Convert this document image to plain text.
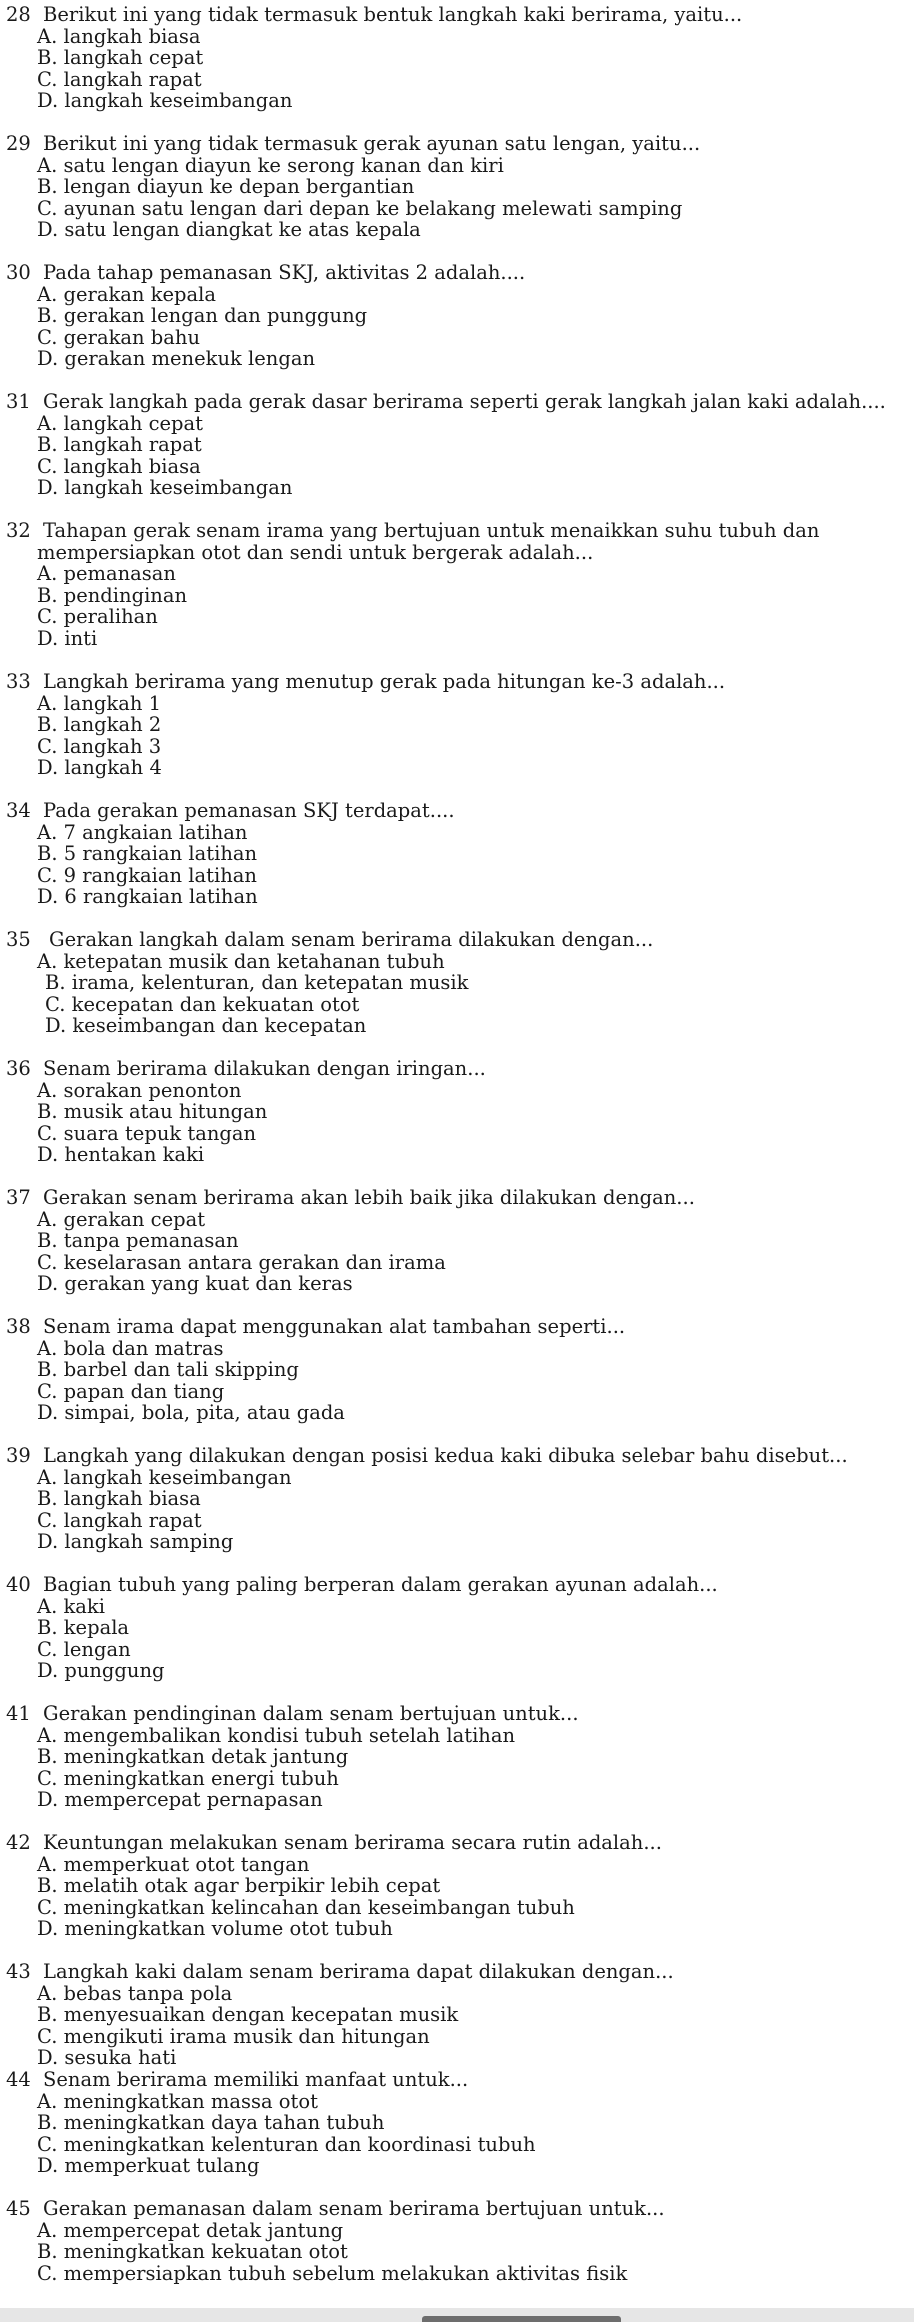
28 Berikut ini yang tidak termasuk bentuk langkah kaki berirama, yaitu...
A. langkah biasa
B. langkah cepat
C. langkah rapat
D. langkah keseimbangan
29 Berikut ini yang tidak termasuk gerak ayunan satu lengan, yaitu...
A. satu lengan diayun ke serong kanan dan kiri
B. lengan diayun ke depan bergantian
C. ayunan satu lengan dari depan ke belakang melewati samping
D. satu lengan diangkat ke atas kepala
30 Pada tahap pemanasan SKJ, aktivitas 2 adalah....
A. gerakan kepala
B. gerakan lengan dan punggung
C. gerakan bahu
D. gerakan menekuk lengan
31 Gerak langkah pada gerak dasar berirama seperti gerak langkah jalan kaki adalah....
A. langkah cepat
B. langkah rapat
C. langkah biasa
D. langkah keseimbangan
32 Tahapan gerak senam irama yang bertujuan untuk menaikkan suhu tubuh dan
mempersiapkan otot dan sendi untuk bergerak adalah...
A. pemanasan
B. pendinginan
C. peralihan
D. inti
33 Langkah berirama yang menutup gerak pada hitungan ke-3 adalah...
A. langkah 1
B. langkah 2
C. langkah 3
D. langkah 4
34 Pada gerakan pemanasan SKJ terdapat....
A. 7 angkaian latihan
B. 5 rangkaian latihan
C. 9 rangkaian latihan
D. 6 rangkaian latihan
35 Gerakan langkah dalam senam berirama dilakukan dengan...
A. ketepatan musik dan ketahanan tubuh
B. irama, kelenturan, dan ketepatan musik
C. kecepatan dan kekuatan otot
D. keseimbangan dan kecepatan
36 Senam berirama dilakukan dengan iringan...
A. sorakan penonton
B. musik atau hitungan
C. suara tepuk tangan
D. hentakan kaki
37 Gerakan senam berirama akan lebih baik jika dilakukan dengan...
A. gerakan cepat
B. tanpa pemanasan
C. keselarasan antara gerakan dan irama
D. gerakan yang kuat dan keras
38 Senam irama dapat menggunakan alat tambahan seperti...
A. bola dan matras
B. barbel dan tali skipping
C. papan dan tiang
D. simpai, bola, pita, atau gada
39 Langkah yang dilakukan dengan posisi kedua kaki dibuka selebar bahu disebut...
A. langkah keseimbangan
B. langkah biasa
C. langkah rapat
D. langkah samping
40 Bagian tubuh yang paling berperan dalam gerakan ayunan adalah...
A. kaki
B. kepala
C. lengan
D. punggung
41 Gerakan pendinginan dalam senam bertujuan untuk...
A. mengembalikan kondisi tubuh setelah latihan
B. meningkatkan detak jantung
C. meningkatkan energi tubuh
D. mempercepat pernapasan
42 Keuntungan melakukan senam berirama secara rutin adalah...
A. memperkuat otot tangan
B. melatih otak agar berpikir lebih cepat
C. meningkatkan kelincahan dan keseimbangan tubuh
D. meningkatkan volume otot tubuh
43 Langkah kaki dalam senam berirama dapat dilakukan dengan...
A. bebas tanpa pola
B. menyesuaikan dengan kecepatan musik
C. mengikuti irama musik dan hitungan
D. sesuka hati
44 Senam berirama memiliki manfaat untuk...
A. meningkatkan massa otot
B. meningkatkan daya tahan tubuh
C. meningkatkan kelenturan dan koordinasi tubuh
D. memperkuat tulang
45 Gerakan pemanasan dalam senam berirama bertujuan untuk...
A. mempercepat detak jantung
B. meningkatkan kekuatan otot
C. mempersiapkan tubuh sebelum melakukan aktivitas fisik
